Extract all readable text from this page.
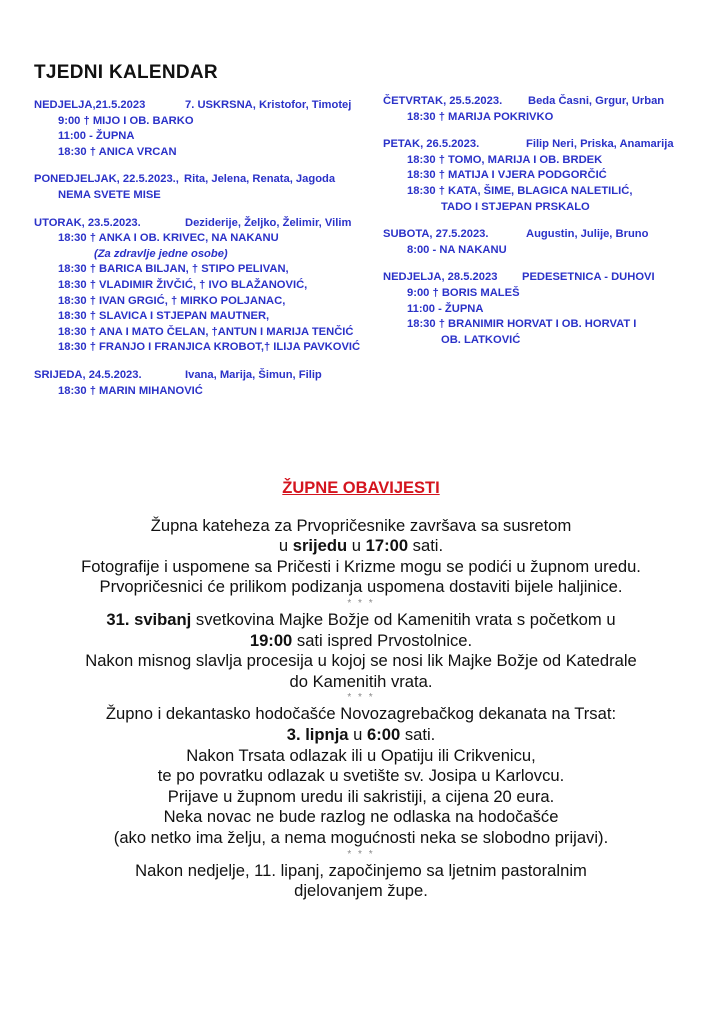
TJEDNI KALENDAR
NEDJELJA,21.5.2023	7. USKRSNA, Kristofor, Timotej
9:00 † MIJO I OB. BARKO
11:00 - ŽUPNA
18:30 † ANICA VRCAN
PONEDJELJAK, 22.5.2023., Rita, Jelena, Renata, Jagoda
NEMA SVETE MISE
UTORAK, 23.5.2023.	Deziderije, Željko, Želimir, Vilim
18:30 † ANKA I OB. KRIVEC, NA NAKANU
(Za zdravlje jedne osobe)
18:30 † BARICA BILJAN, † STIPO PELIVAN,
18:30 † VLADIMIR ŽIVČIĆ, † IVO BLAŽANOVIĆ,
18:30 † IVAN GRGIĆ, † MIRKO POLJANAC,
18:30 † SLAVICA I STJEPAN MAUTNER,
18:30 † ANA I MATO ČELAN, †ANTUN I MARIJA TENČIĆ
18:30 † FRANJO I FRANJICA KROBOT,† ILIJA PAVKOVIĆ
SRIJEDA, 24.5.2023.	Ivana, Marija, Šimun, Filip
18:30 † MARIN MIHANOVIĆ
ČETVRTAK, 25.5.2023. Beda Časni, Grgur, Urban
18:30 † MARIJA POKRIVKO
PETAK, 26.5.2023.	Filip Neri, Priska, Anamarija
18:30 † TOMO, MARIJA I OB. BRDEK
18:30 † MATIJA I VJERA PODGORČIĆ
18:30 † KATA, ŠIME, BLAGICA NALETILIĆ,
TADO I STJEPAN PRSKALO
SUBOTA, 27.5.2023.	Augustin, Julije, Bruno
8:00 - NA NAKANU
NEDJELJA, 28.5.2023 PEDESETNICA - DUHOVI
9:00 † BORIS MALEŠ
11:00 - ŽUPNA
18:30 † BRANIMIR HORVAT I OB. HORVAT I
OB. LATKOVIĆ
ŽUPNE OBAVIJESTI
Župna kateheza za Prvopričesnike završava sa susretom
u srijedu u 17:00 sati.
Fotografije i uspomene sa Pričesti i Krizme mogu se podići u župnom uredu.
Prvopričesnici će prilikom podizanja uspomena dostaviti bijele haljinice.
* * *
31. svibanj svetkovina Majke Božje od Kamenitih vrata s početkom u
19:00 sati ispred Prvostolnice.
Nakon misnog slavlja procesija u kojoj se nosi lik Majke Božje od Katedrale
do Kamenitih vrata.
* * *
Župno i dekantasko hodočašće Novozagrebačkog dekanata na Trsat:
3. lipnja u 6:00 sati.
Nakon Trsata odlazak ili u Opatiju ili Crikvenicu,
te po povratku odlazak u svetište sv. Josipa u Karlovcu.
Prijave u župnom uredu ili sakristiji, a cijena 20 eura.
Neka novac ne bude razlog ne odlaska na hodočašće
(ako netko ima želju, a nema mogućnosti neka se slobodno prijavi).
* * *
Nakon nedjelje, 11. lipanj, započinjemo sa ljetnim pastoralnim
djelovanjem župe.
